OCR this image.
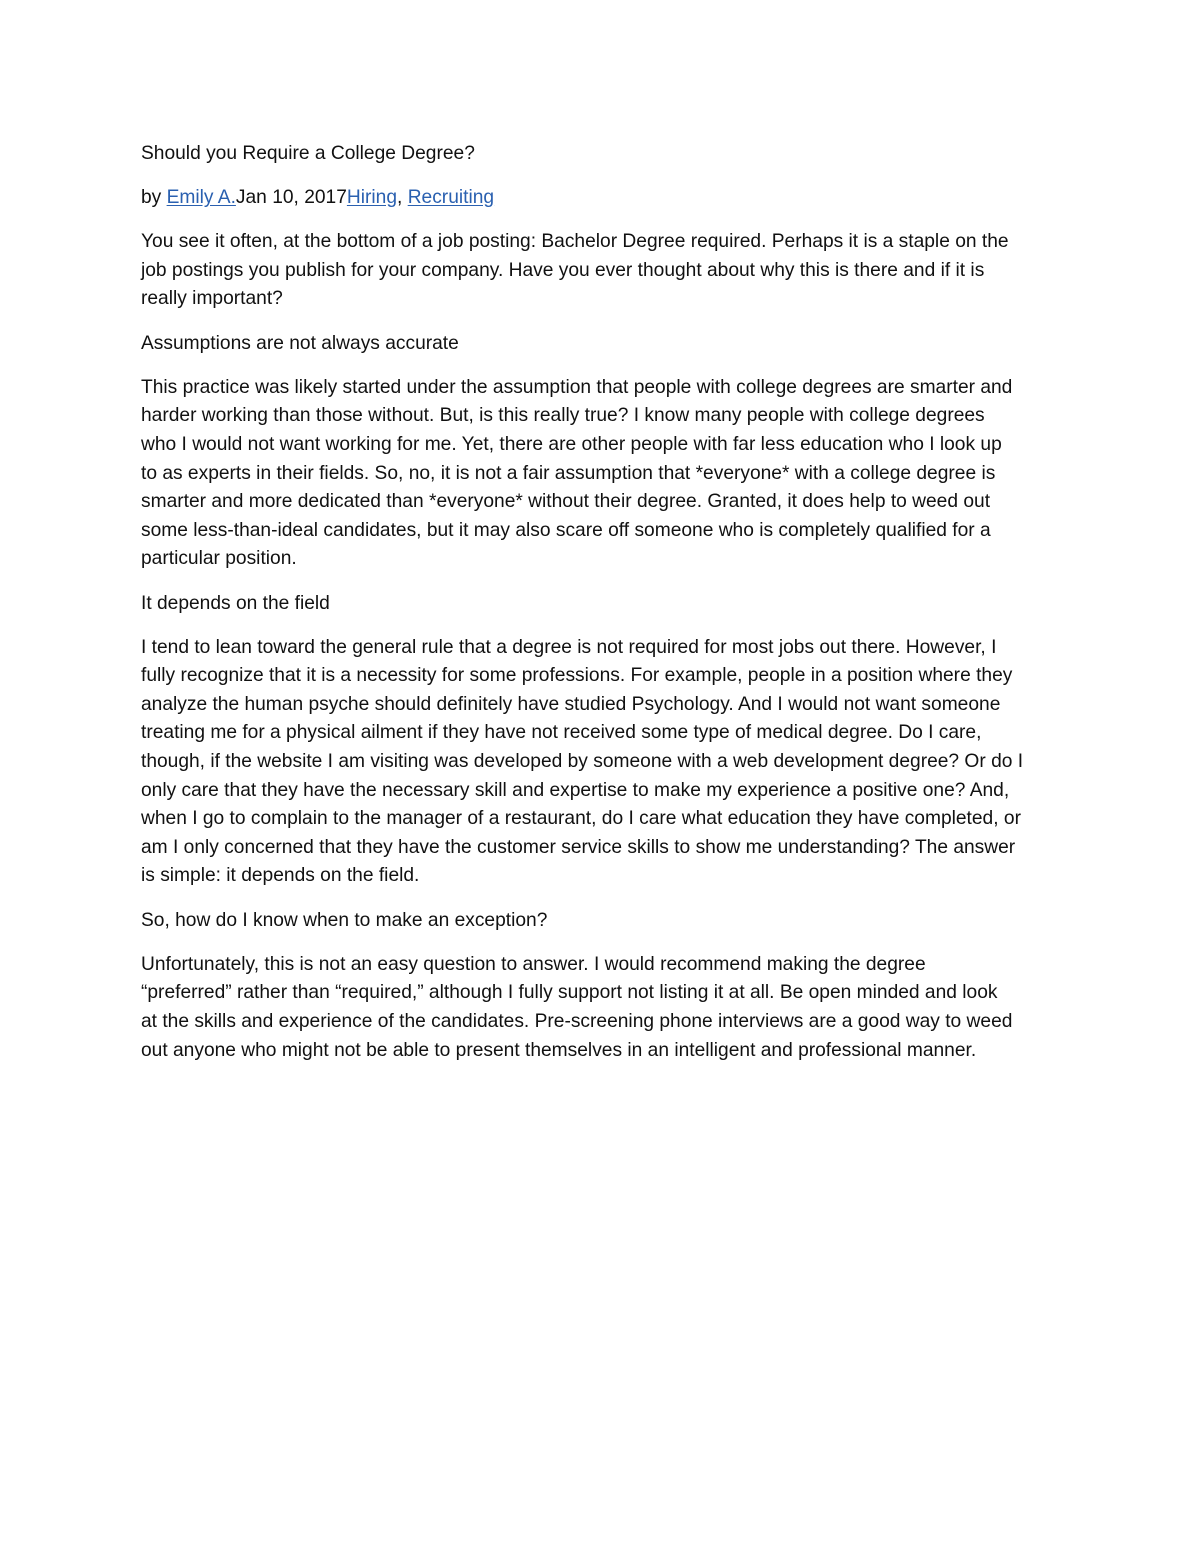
Should you Require a College Degree?

by Emily A.Jan 10, 2017Hiring, Recruiting

You see it often, at the bottom of a job posting: Bachelor Degree required. Perhaps it is a staple on the

job postings you publish for your company. Have you ever thought about why this is there and if it is

really important?

Assumptions are not always accurate

This practice was likely started under the assumption that people with college degrees are smarter and

harder working than those without. But, is this really true? I know many people with college degrees

who I would not want working for me. Yet, there are other people with far less education who I look up

to as experts in their fields. So, no, it is not a fair assumption that *everyone* with a college degree is

smarter and more dedicated than *everyone* without their degree. Granted, it does help to weed out

some less-than-ideal candidates, but it may also scare off someone who is completely qualified for a

particular position.

It depends on the field

I tend to lean toward the general rule that a degree is not required for most jobs out there. However, I

fully recognize that it is a necessity for some professions. For example, people in a position where they

analyze the human psyche should definitely have studied Psychology. And I would not want someone

treating me for a physical ailment if they have not received some type of medical degree. Do I care,

though, if the website I am visiting was developed by someone with a web development degree? Or do I

only care that they have the necessary skill and expertise to make my experience a positive one? And,

when I go to complain to the manager of a restaurant, do I care what education they have completed, or

am I only concerned that they have the customer service skills to show me understanding? The answer

is simple: it depends on the field.

So, how do I know when to make an exception?

Unfortunately, this is not an easy question to answer. I would recommend making the degree

“preferred” rather than “required,” although I fully support not listing it at all. Be open minded and look

at the skills and experience of the candidates. Pre-screening phone interviews are a good way to weed

out anyone who might not be able to present themselves in an intelligent and professional manner.
